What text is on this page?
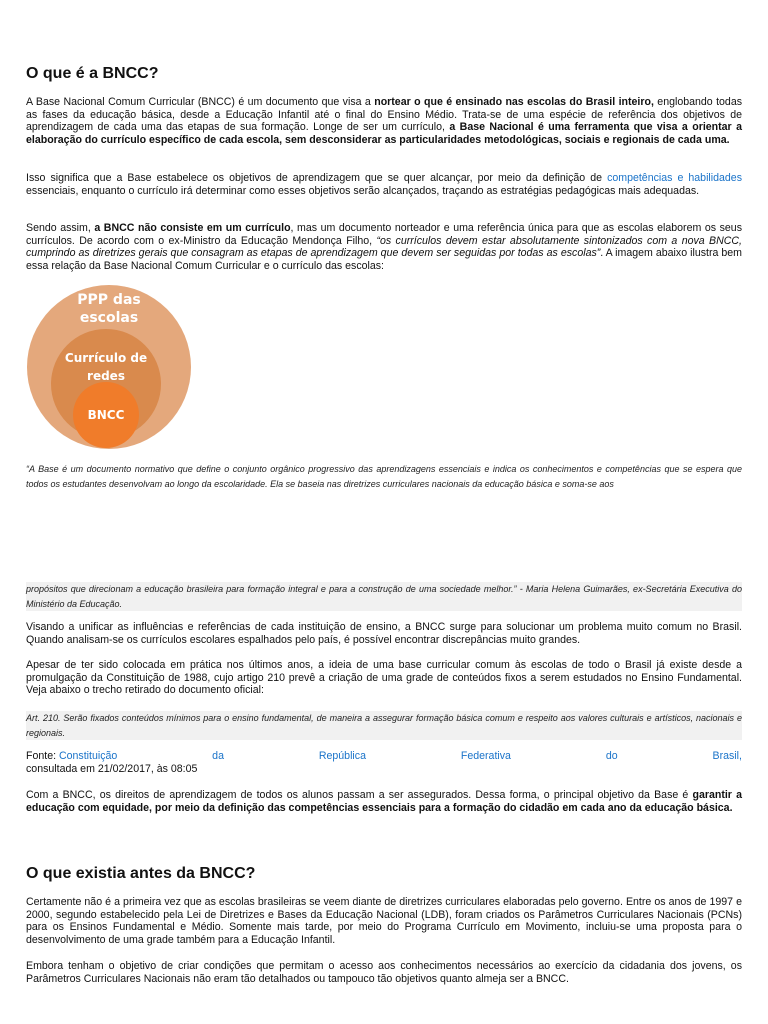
O que é a BNCC?

A Base Nacional Comum Curricular (BNCC) é um documento que visa a nortear o que é ensinado nas escolas do Brasil inteiro, englobando todas as fases da educação básica, desde a Educação Infantil até o final do Ensino Médio. Trata-se de uma espécie de referência dos objetivos de aprendizagem de cada uma das etapas de sua formação. Longe de ser um currículo, a Base Nacional é uma ferramenta que visa a orientar a elaboração do currículo específico de cada escola, sem desconsiderar as particularidades metodológicas, sociais e regionais de cada uma.

Isso significa que a Base estabelece os objetivos de aprendizagem que se quer alcançar, por meio da definição de competências e habilidades essenciais, enquanto o currículo irá determinar como esses objetivos serão alcançados, traçando as estratégias pedagógicas mais adequadas.

Sendo assim, a BNCC não consiste em um currículo, mas um documento norteador e uma referência única para que as escolas elaborem os seus currículos. De acordo com o ex-Ministro da Educação Mendonça Filho, “os currículos devem estar absolutamente sintonizados com a nova BNCC, cumprindo as diretrizes gerais que consagram as etapas de aprendizagem que devem ser seguidas por todas as escolas”. A imagem abaixo ilustra bem essa relação da Base Nacional Comum Curricular e o currículo das escolas:

PPP das
escolas
Currículo de
redes
BNCC
“A Base é um documento normativo que define o conjunto orgânico progressivo das aprendizagens essenciais e indica os conhecimentos e competências que se espera que todos os estudantes desenvolvam ao longo da escolaridade. Ela se baseia nas diretrizes curriculares nacionais da educação básica e soma-se aos
propósitos que direcionam a educação brasileira para formação integral e para a construção de uma sociedade melhor.” - Maria Helena Guimarães, ex-Secretária Executiva do Ministério da Educação.

Visando a unificar as influências e referências de cada instituição de ensino, a BNCC surge para solucionar um problema muito comum no Brasil. Quando analisam-se os currículos escolares espalhados pelo país, é possível encontrar discrepâncias muito grandes.

Apesar de ter sido colocada em prática nos últimos anos, a ideia de uma base curricular comum às escolas de todo o Brasil já existe desde a promulgação da Constituição de 1988, cujo artigo 210 prevê a criação de uma grade de conteúdos fixos a serem estudados no Ensino Fundamental. Veja abaixo o trecho retirado do documento oficial:

Art. 210. Serão fixados conteúdos mínimos para o ensino fundamental, de maneira a assegurar formação básica comum e respeito aos valores culturais e artísticos, nacionais e regionais.
Fonte: Constituição	da	República	Federativa	do	Brasil,
consultada em 21/02/2017, às 08:05

Com a BNCC, os direitos de aprendizagem de todos os alunos passam a ser assegurados. Dessa forma, o principal objetivo da Base é garantir a educação com equidade, por meio da definição das competências essenciais para a formação do cidadão em cada ano da educação básica.

O que existia antes da BNCC?

Certamente não é a primeira vez que as escolas brasileiras se veem diante de diretrizes curriculares elaboradas pelo governo. Entre os anos de 1997 e 2000, segundo estabelecido pela Lei de Diretrizes e Bases da Educação Nacional (LDB), foram criados os Parâmetros Curriculares Nacionais (PCNs) para os Ensinos Fundamental e Médio. Somente mais tarde, por meio do Programa Currículo em Movimento, incluiu-se uma proposta para o desenvolvimento de uma grade também para a Educação Infantil.

Embora tenham o objetivo de criar condições que permitam o acesso aos conhecimentos necessários ao exercício da cidadania dos jovens, os Parâmetros Curriculares Nacionais não eram tão detalhados ou tampouco tão objetivos quanto almeja ser a BNCC.
